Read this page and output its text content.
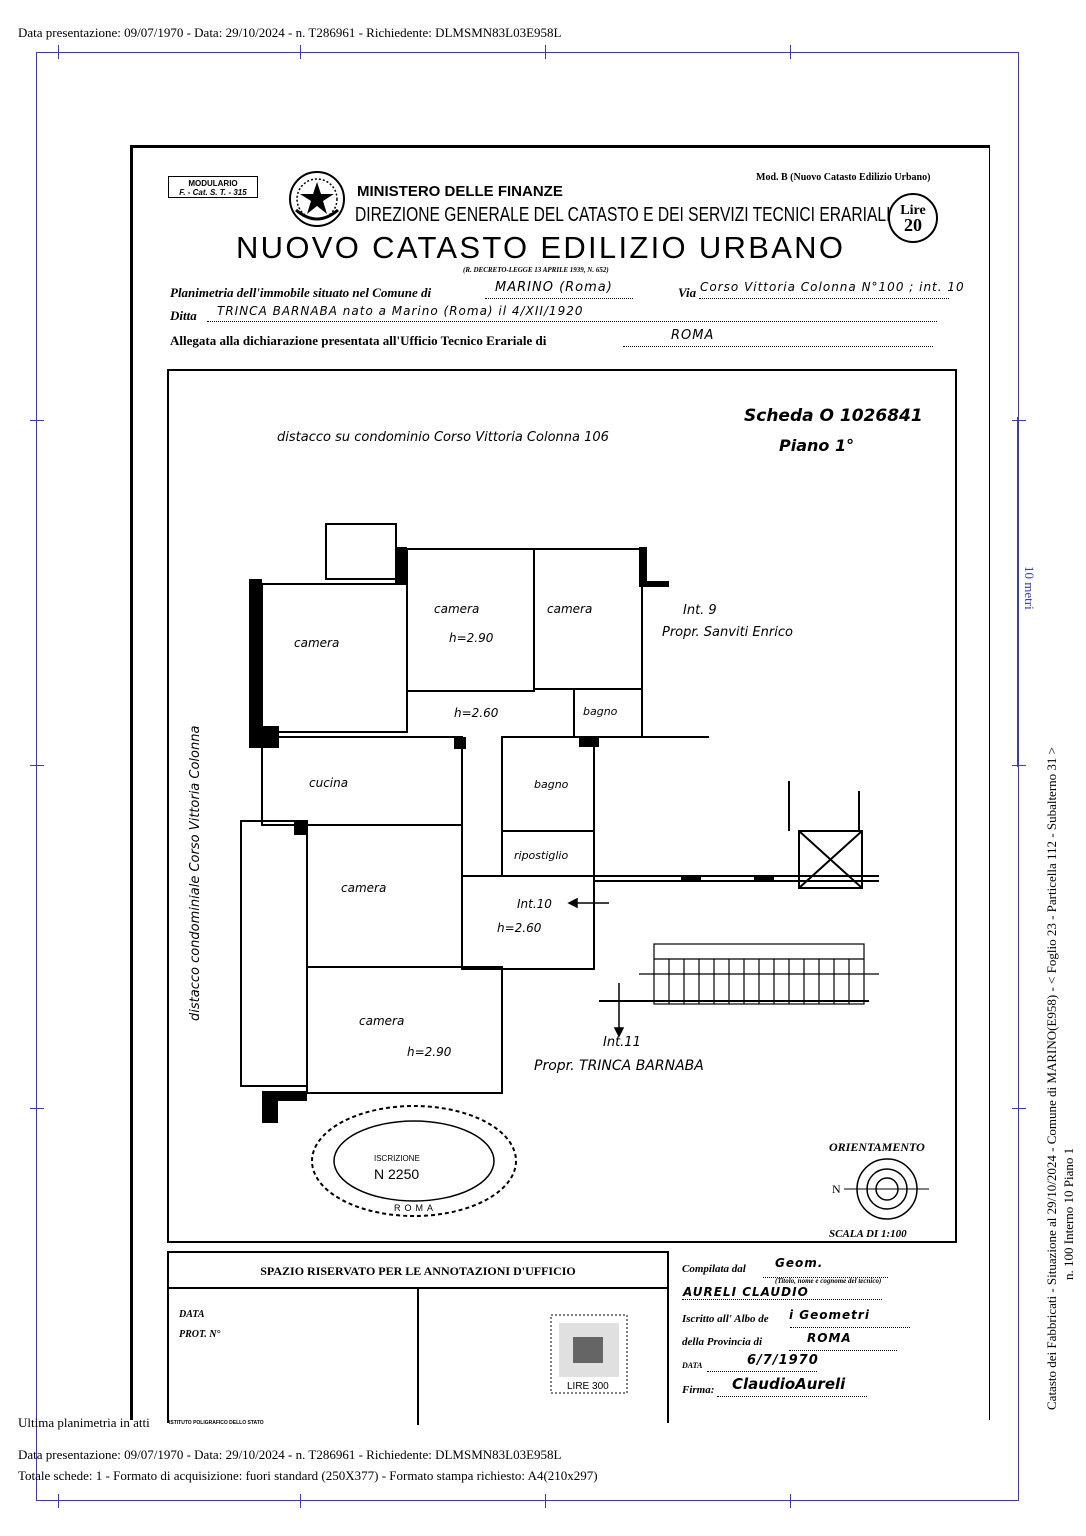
Data presentazione: 09/07/1970 - Data: 29/10/2024 - n. T286961 - Richiedente: DLMSMN83L03E958L
Ultima planimetria in atti
Data presentazione: 09/07/1970 - Data: 29/10/2024 - n. T286961 - Richiedente: DLMSMN83L03E958L
Totale schede: 1 - Formato di acquisizione: fuori standard (250X377) - Formato stampa richiesto: A4(210x297)
Catasto dei Fabbricati - Situazione al 29/10/2024 - Comune di MARINO(E958) - < Foglio 23 - Particella 112 - Subalterno 31 > n. 100 Interno 10 Piano 1
10 metri
MODULARIO
F. - Cat. S. T. - 315	MINISTERO DELLE FINANZE
DIREZIONE GENERALE DEL CATASTO E DEI SERVIZI TECNICI ERARIALI
Mod. B (Nuovo Catasto Edilizio Urbano)
Lire
20
NUOVO CATASTO EDILIZIO URBANO
(R. DECRETO-LEGGE 13 APRILE 1939, N. 652)
Planimetria dell'immobile situato nel Comune di	MARINO (Roma)	Via Corso Vittoria Colonna N°100 ; int. 10
Ditta TRINCA BARNABA nato a Marino (Roma) il 4/XII/1920
Allegata alla dichiarazione presentata all'Ufficio Tecnico Erariale di	ROMA
Scheda O 1026841
Piano 1°
distacco su condominio Corso Vittoria Colonna 106
distacco condominiale Corso Vittoria Colonna
camera
camera
h=2.90
camera
h=2.60	bagno
cucina	bagno
ripostiglio
camera
Int.10
h=2.60
camera
h=2.90
Int. 9
Propr. Sanviti Enrico
Int.11
Propr. TRINCA BARNABA
ISCRIZIONE
N 2250
ROMA
ORIENTAMENTO
N
SCALA DI 1:100
SPAZIO RISERVATO PER LE ANNOTAZIONI D'UFFICIO
DATA
PROT. N°
LIRE 300
Compilata dal Geom.
(Titolo, nome e cognome del tecnico)
AURELI CLAUDIO
Iscritto all' Albo de i Geometri
della Provincia di	ROMA
DATA	6/7/1970
Firma: ClaudioAureli
ISTITUTO POLIGRAFICO DELLO STATO
